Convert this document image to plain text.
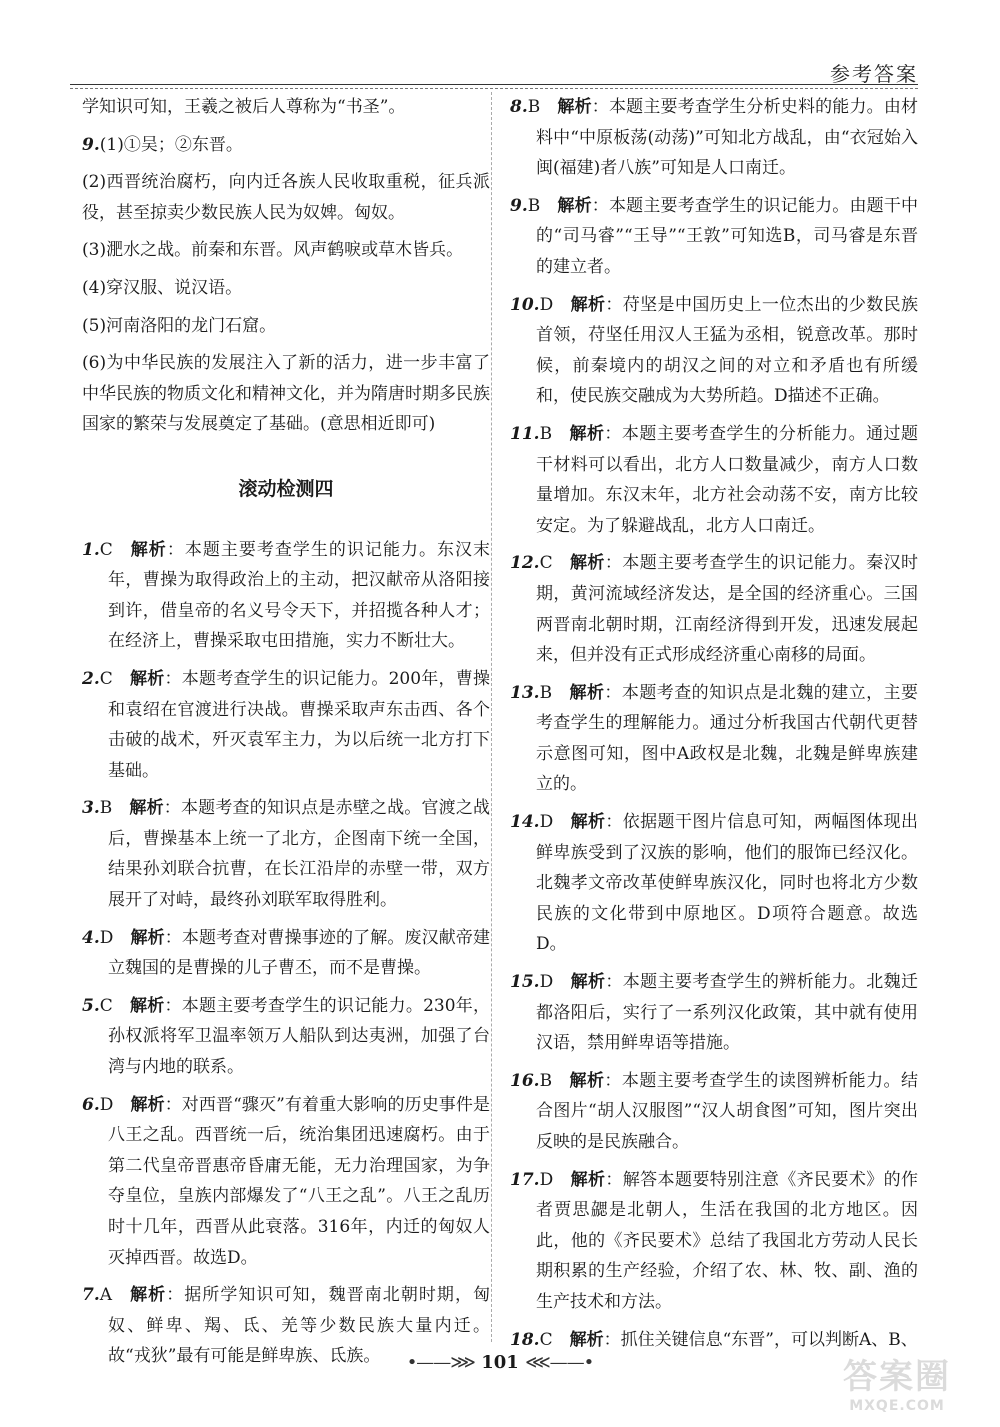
参考答案

学知识可知，王羲之被后人尊称为“书圣”。

9.(1)①吴；②东晋。

(2)西晋统治腐朽，向内迁各族人民收取重税，征兵派役，甚至掠卖少数民族人民为奴婢。匈奴。

(3)淝水之战。前秦和东晋。风声鹤唳或草木皆兵。

(4)穿汉服、说汉语。

(5)河南洛阳的龙门石窟。

(6)为中华民族的发展注入了新的活力，进一步丰富了中华民族的物质文化和精神文化，并为隋唐时期多民族国家的繁荣与发展奠定了基础。(意思相近即可)

滚动检测四

1.C  解析：本题主要考查学生的识记能力。东汉末年，曹操为取得政治上的主动，把汉献帝从洛阳接到许，借皇帝的名义号令天下，并招揽各种人才；在经济上，曹操采取屯田措施，实力不断壮大。

2.C  解析：本题考查学生的识记能力。200年，曹操和袁绍在官渡进行决战。曹操采取声东击西、各个击破的战术，歼灭袁军主力，为以后统一北方打下基础。

3.B  解析：本题考查的知识点是赤壁之战。官渡之战后，曹操基本上统一了北方，企图南下统一全国，结果孙刘联合抗曹，在长江沿岸的赤壁一带，双方展开了对峙，最终孙刘联军取得胜利。

4.D  解析：本题考查对曹操事迹的了解。废汉献帝建立魏国的是曹操的儿子曹丕，而不是曹操。

5.C  解析：本题主要考查学生的识记能力。230年，孙权派将军卫温率领万人船队到达夷洲，加强了台湾与内地的联系。

6.D  解析：对西晋“骤灭”有着重大影响的历史事件是八王之乱。西晋统一后，统治集团迅速腐朽。由于第二代皇帝晋惠帝昏庸无能，无力治理国家，为争夺皇位，皇族内部爆发了“八王之乱”。八王之乱历时十几年，西晋从此衰落。316年，内迁的匈奴人灭掉西晋。故选D。

7.A  解析：据所学知识可知，魏晋南北朝时期，匈奴、鲜卑、羯、氐、羌等少数民族大量内迁。故“戎狄”最有可能是鲜卑族、氐族。

8.B  解析：本题主要考查学生分析史料的能力。由材料中“中原板荡(动荡)”可知北方战乱，由“衣冠始入闽(福建)者八族”可知是人口南迁。

9.B  解析：本题主要考查学生的识记能力。由题干中的“司马睿”“王导”“王敦”可知选B，司马睿是东晋的建立者。

10.D  解析：苻坚是中国历史上一位杰出的少数民族首领，苻坚任用汉人王猛为丞相，锐意改革。那时候，前秦境内的胡汉之间的对立和矛盾也有所缓和，使民族交融成为大势所趋。D描述不正确。

11.B  解析：本题主要考查学生的分析能力。通过题干材料可以看出，北方人口数量减少，南方人口数量增加。东汉末年，北方社会动荡不安，南方比较安定。为了躲避战乱，北方人口南迁。

12.C  解析：本题主要考查学生的识记能力。秦汉时期，黄河流域经济发达，是全国的经济重心。三国两晋南北朝时期，江南经济得到开发，迅速发展起来，但并没有正式形成经济重心南移的局面。

13.B  解析：本题考查的知识点是北魏的建立，主要考查学生的理解能力。通过分析我国古代朝代更替示意图可知，图中A政权是北魏，北魏是鲜卑族建立的。

14.D  解析：依据题干图片信息可知，两幅图体现出鲜卑族受到了汉族的影响，他们的服饰已经汉化。北魏孝文帝改革使鲜卑族汉化，同时也将北方少数民族的文化带到中原地区。D项符合题意。故选D。

15.D  解析：本题主要考查学生的辨析能力。北魏迁都洛阳后，实行了一系列汉化政策，其中就有使用汉语，禁用鲜卑语等措施。

16.B  解析：本题主要考查学生的读图辨析能力。结合图片“胡人汉服图”“汉人胡食图”可知，图片突出反映的是民族融合。

17.D  解析：解答本题要特别注意《齐民要术》的作者贾思勰是北朝人，生活在我国的北方地区。因此，他的《齐民要术》总结了我国北方劳动人民长期积累的生产经验，介绍了农、林、牧、副、渔的生产技术和方法。

18.C  解析：抓住关键信息“东晋”，可以判断A、B、

•——⋙ 101 ⋘——•	答案圈
MXQE.COM
